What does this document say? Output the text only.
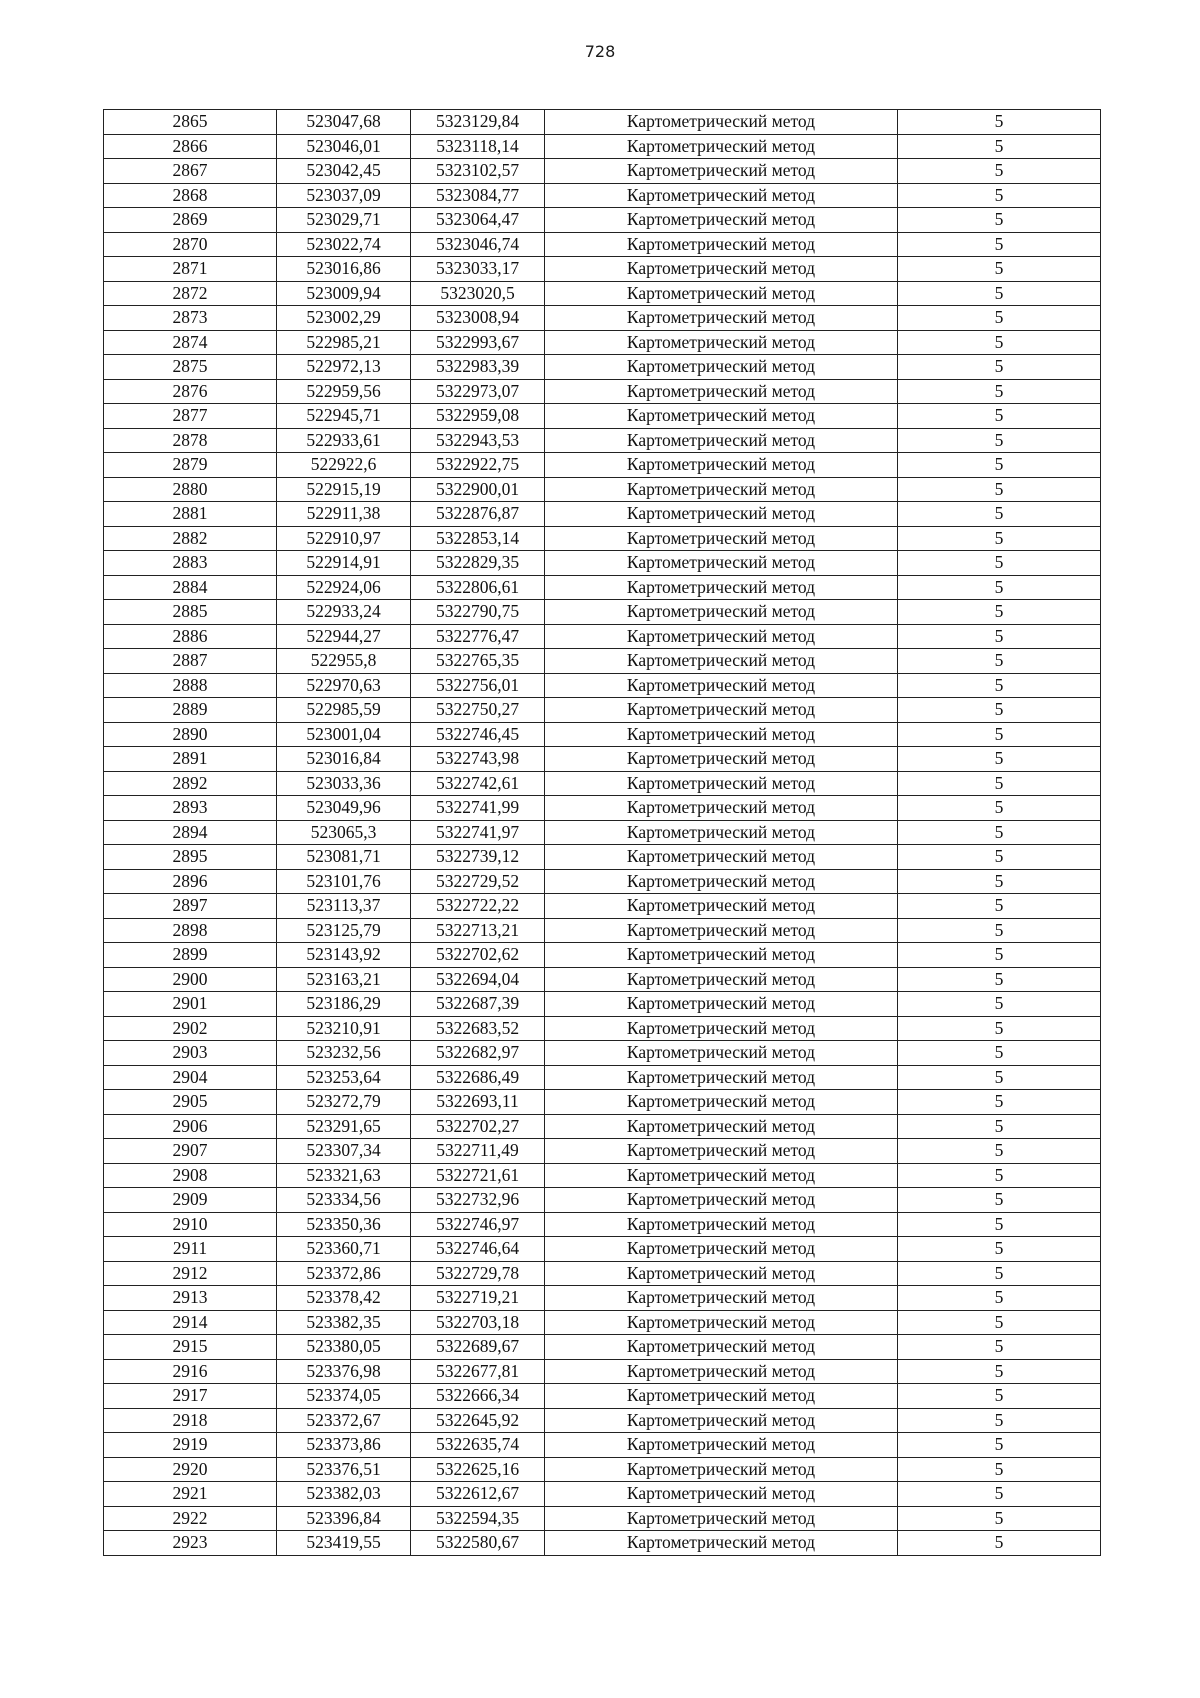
728
2865	523047,68	5323129,84	Картометрический метод	5
2866	523046,01	5323118,14	Картометрический метод	5
2867	523042,45	5323102,57	Картометрический метод	5
2868	523037,09	5323084,77	Картометрический метод	5
2869	523029,71	5323064,47	Картометрический метод	5
2870	523022,74	5323046,74	Картометрический метод	5
2871	523016,86	5323033,17	Картометрический метод	5
2872	523009,94	5323020,5	Картометрический метод	5
2873	523002,29	5323008,94	Картометрический метод	5
2874	522985,21	5322993,67	Картометрический метод	5
2875	522972,13	5322983,39	Картометрический метод	5
2876	522959,56	5322973,07	Картометрический метод	5
2877	522945,71	5322959,08	Картометрический метод	5
2878	522933,61	5322943,53	Картометрический метод	5
2879	522922,6	5322922,75	Картометрический метод	5
2880	522915,19	5322900,01	Картометрический метод	5
2881	522911,38	5322876,87	Картометрический метод	5
2882	522910,97	5322853,14	Картометрический метод	5
2883	522914,91	5322829,35	Картометрический метод	5
2884	522924,06	5322806,61	Картометрический метод	5
2885	522933,24	5322790,75	Картометрический метод	5
2886	522944,27	5322776,47	Картометрический метод	5
2887	522955,8	5322765,35	Картометрический метод	5
2888	522970,63	5322756,01	Картометрический метод	5
2889	522985,59	5322750,27	Картометрический метод	5
2890	523001,04	5322746,45	Картометрический метод	5
2891	523016,84	5322743,98	Картометрический метод	5
2892	523033,36	5322742,61	Картометрический метод	5
2893	523049,96	5322741,99	Картометрический метод	5
2894	523065,3	5322741,97	Картометрический метод	5
2895	523081,71	5322739,12	Картометрический метод	5
2896	523101,76	5322729,52	Картометрический метод	5
2897	523113,37	5322722,22	Картометрический метод	5
2898	523125,79	5322713,21	Картометрический метод	5
2899	523143,92	5322702,62	Картометрический метод	5
2900	523163,21	5322694,04	Картометрический метод	5
2901	523186,29	5322687,39	Картометрический метод	5
2902	523210,91	5322683,52	Картометрический метод	5
2903	523232,56	5322682,97	Картометрический метод	5
2904	523253,64	5322686,49	Картометрический метод	5
2905	523272,79	5322693,11	Картометрический метод	5
2906	523291,65	5322702,27	Картометрический метод	5
2907	523307,34	5322711,49	Картометрический метод	5
2908	523321,63	5322721,61	Картометрический метод	5
2909	523334,56	5322732,96	Картометрический метод	5
2910	523350,36	5322746,97	Картометрический метод	5
2911	523360,71	5322746,64	Картометрический метод	5
2912	523372,86	5322729,78	Картометрический метод	5
2913	523378,42	5322719,21	Картометрический метод	5
2914	523382,35	5322703,18	Картометрический метод	5
2915	523380,05	5322689,67	Картометрический метод	5
2916	523376,98	5322677,81	Картометрический метод	5
2917	523374,05	5322666,34	Картометрический метод	5
2918	523372,67	5322645,92	Картометрический метод	5
2919	523373,86	5322635,74	Картометрический метод	5
2920	523376,51	5322625,16	Картометрический метод	5
2921	523382,03	5322612,67	Картометрический метод	5
2922	523396,84	5322594,35	Картометрический метод	5
2923	523419,55	5322580,67	Картометрический метод	5
